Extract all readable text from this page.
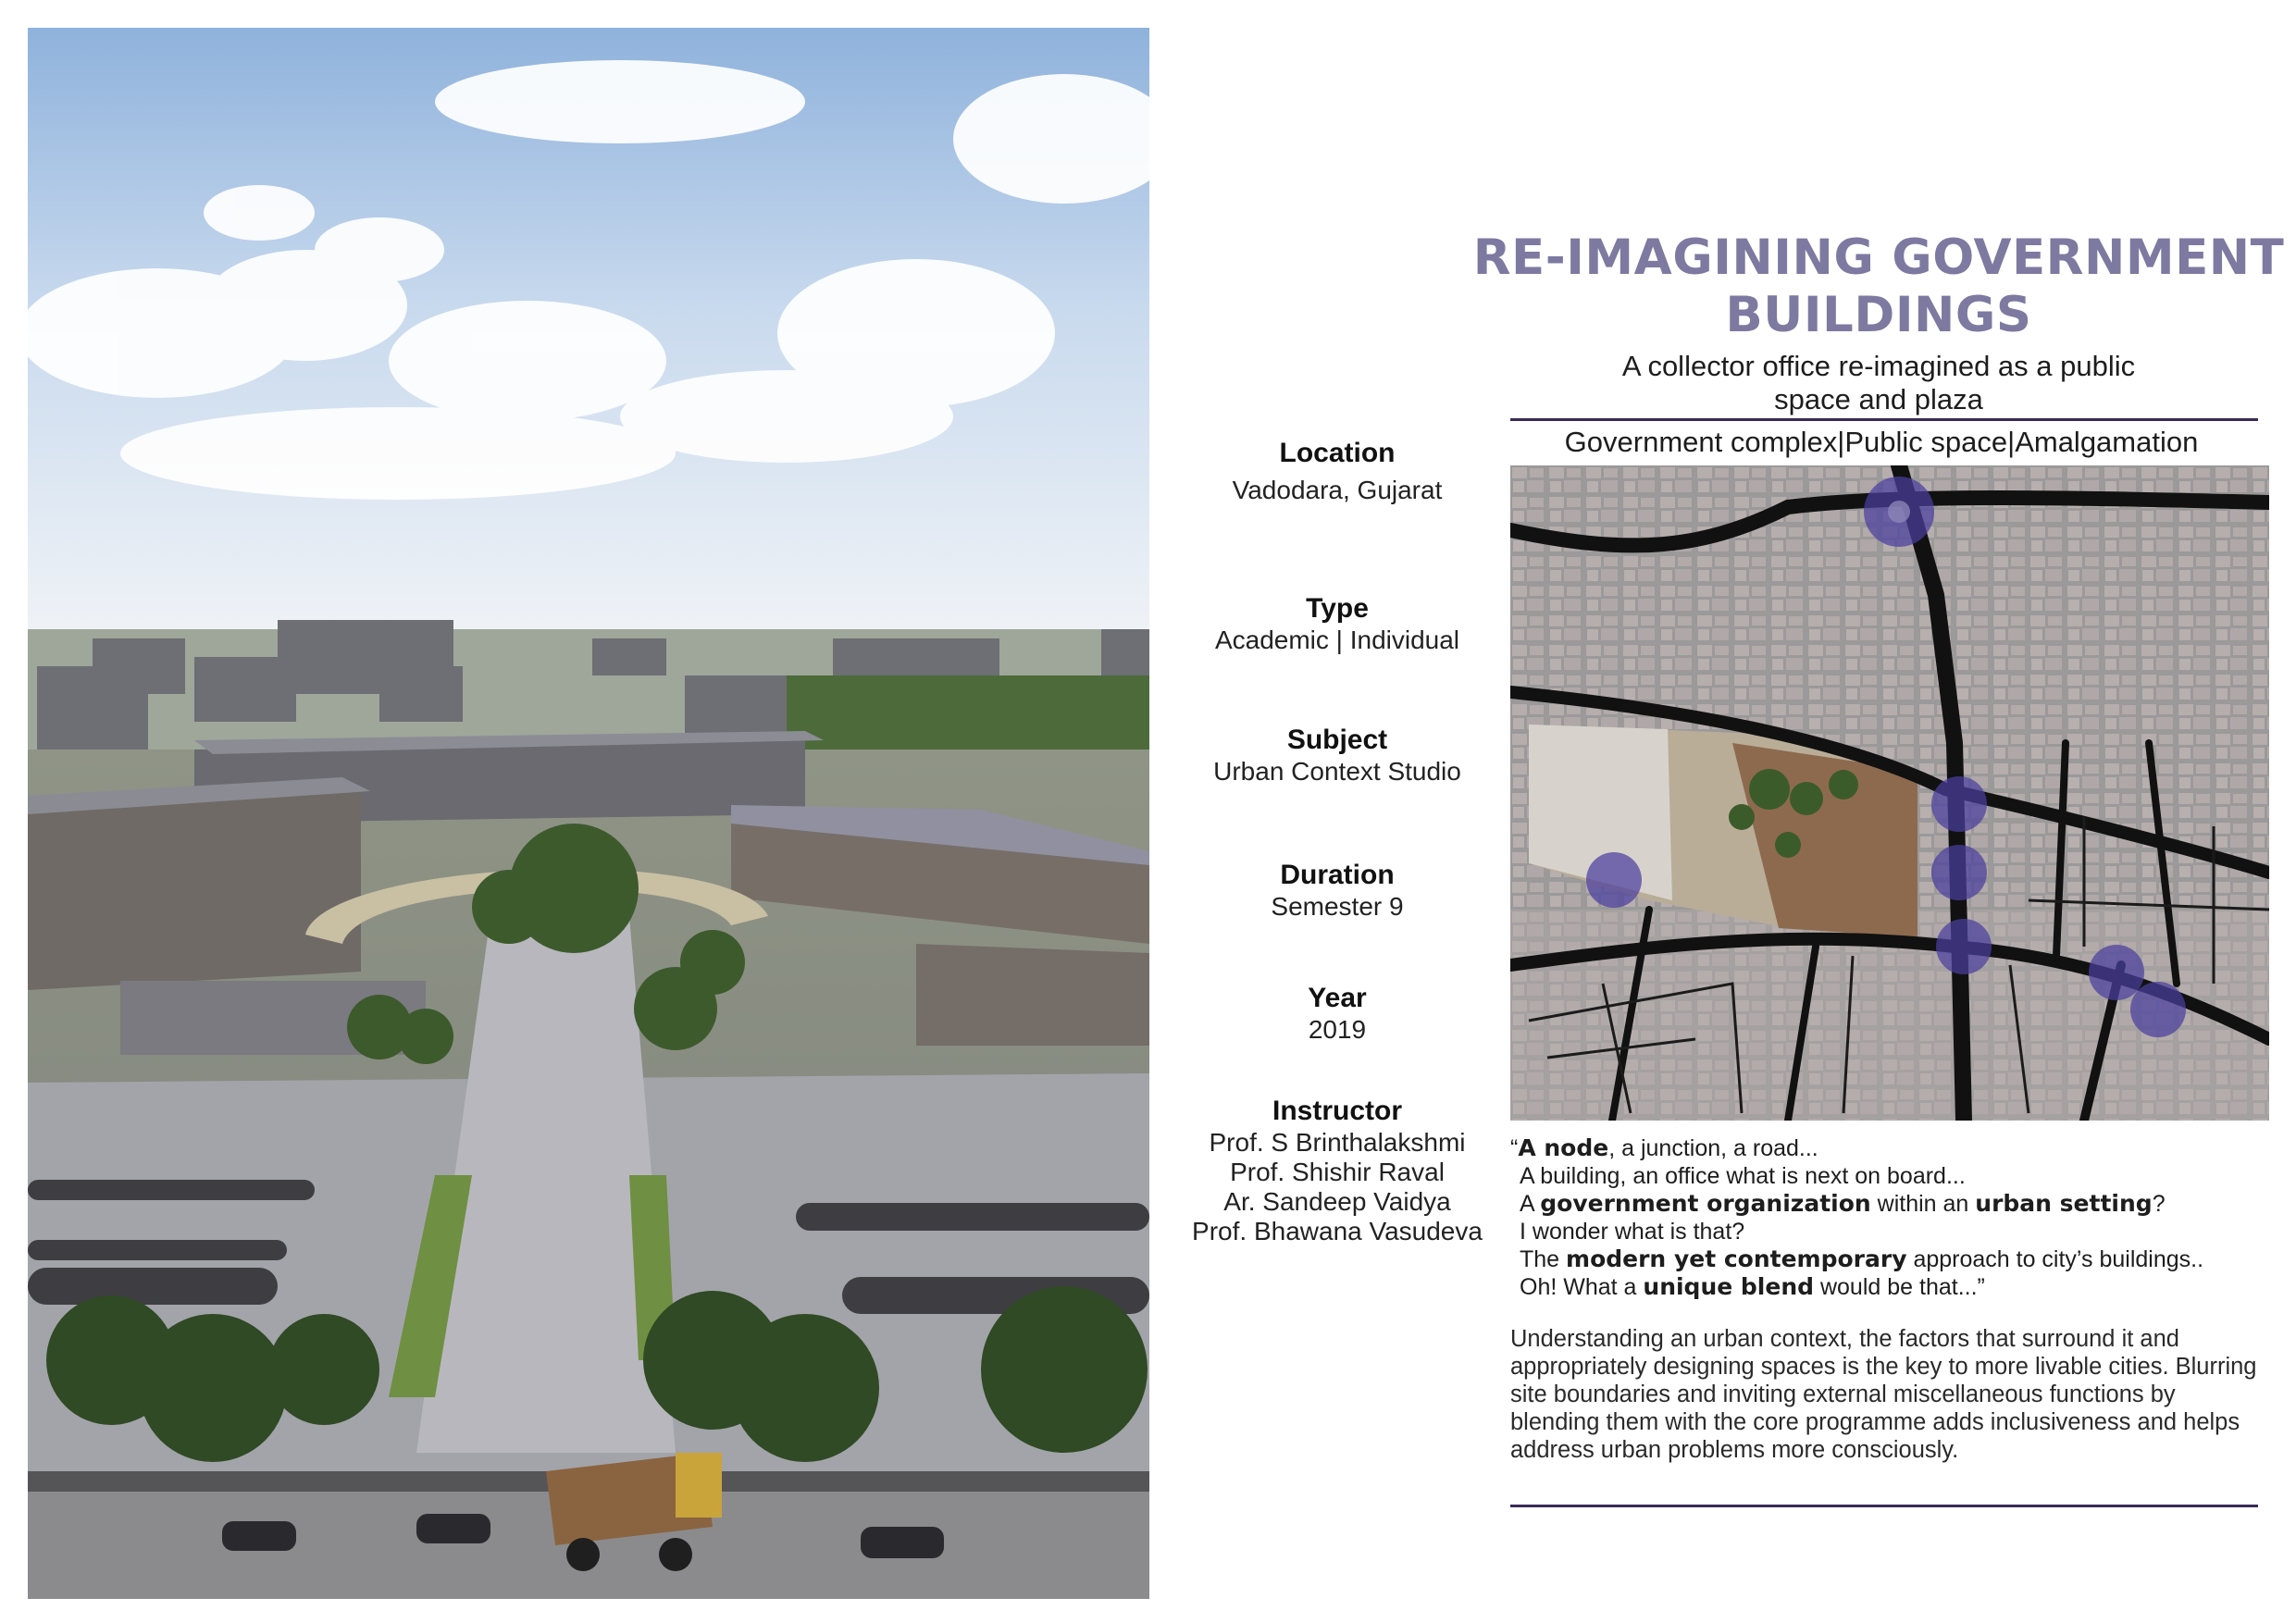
RE-IMAGINING GOVERNMENT
BUILDINGS

A collector office re-imagined as a public
space and plaza

Government complex|Public space|Amalgamation
Location
Vadodara, Gujarat
Type
Academic | Individual
Subject
Urban Context Studio
Duration
Semester 9
Year
2019
Instructor
Prof. S Brinthalakshmi
Prof. Shishir Raval
Ar. Sandeep Vaidya
Prof. Bhawana Vasudeva

“A node, a junction, a road...

A building, an office what is next on board...

A government organization within an urban setting?

I wonder what is that?

The modern yet contemporary approach to city’s buildings..

Oh! What a unique blend would be that...”

Understanding an urban context, the factors that surround it and appropriately designing spaces is the key to more livable cities. Blurring site boundaries and inviting external miscellaneous functions by blending them with the core programme adds inclusiveness and helps address urban problems more consciously.
